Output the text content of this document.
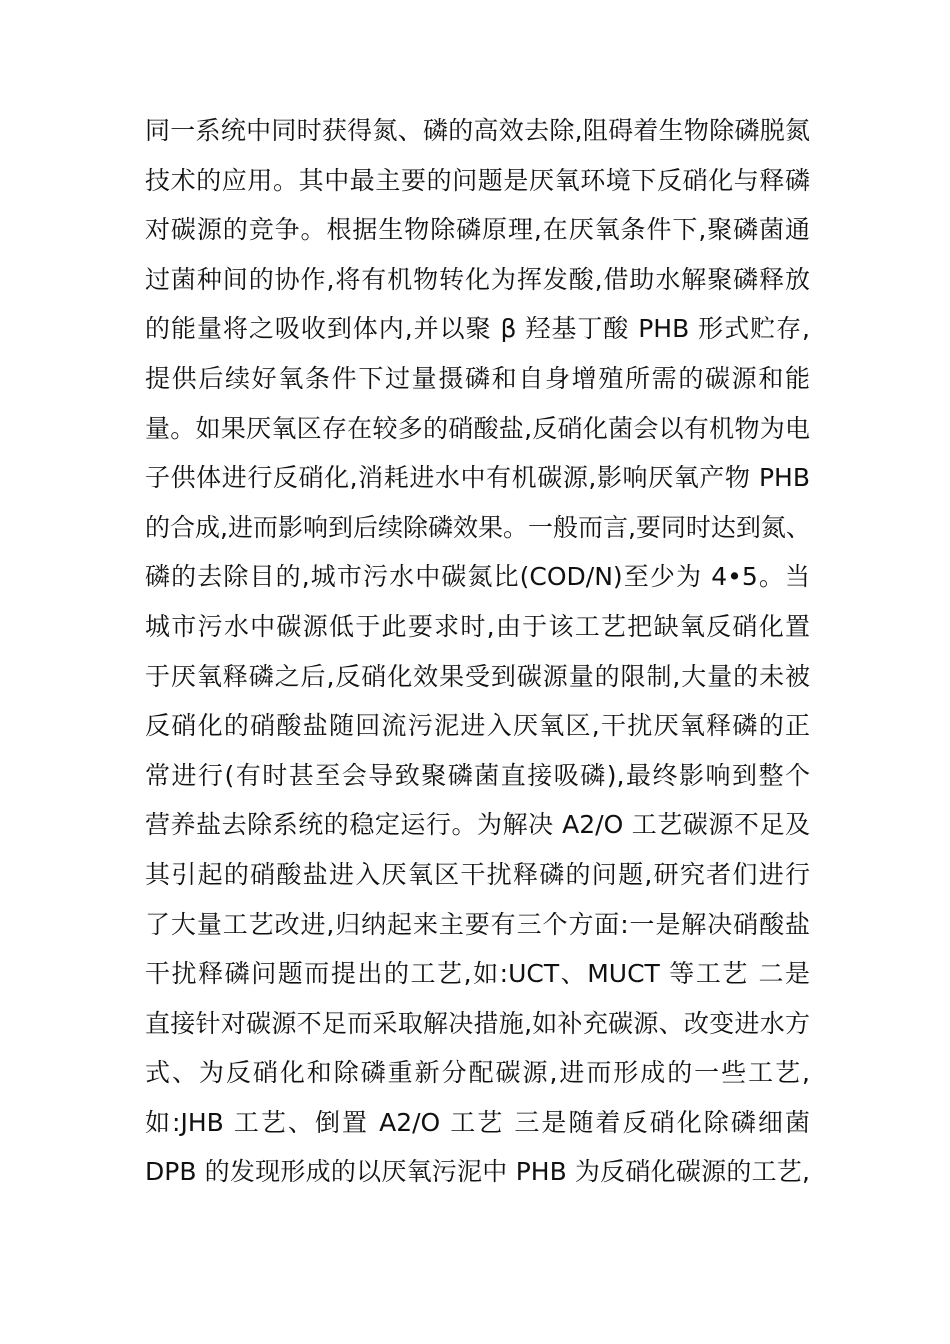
同一系统中同时获得氮、磷的高效去除,阻碍着生物除磷脱氮
技术的应用。其中最主要的问题是厌氧环境下反硝化与释磷
对碳源的竞争。根据生物除磷原理,在厌氧条件下,聚磷菌通
过菌种间的协作,将有机物转化为挥发酸,借助水解聚磷释放
的能量将之吸收到体内,并以聚 β 羟基丁酸 PHB 形式贮存,
提供后续好氧条件下过量摄磷和自身增殖所需的碳源和能
量。如果厌氧区存在较多的硝酸盐,反硝化菌会以有机物为电
子供体进行反硝化,消耗进水中有机碳源,影响厌氧产物 PHB
的合成,进而影响到后续除磷效果。一般而言,要同时达到氮、
磷的去除目的,城市污水中碳氮比(COD/N)至少为 4•5。当
城市污水中碳源低于此要求时,由于该工艺把缺氧反硝化置
于厌氧释磷之后,反硝化效果受到碳源量的限制,大量的未被
反硝化的硝酸盐随回流污泥进入厌氧区,干扰厌氧释磷的正
常进行(有时甚至会导致聚磷菌直接吸磷),最终影响到整个
营养盐去除系统的稳定运行。为解决 A2/O 工艺碳源不足及
其引起的硝酸盐进入厌氧区干扰释磷的问题,研究者们进行
了大量工艺改进,归纳起来主要有三个方面:一是解决硝酸盐
干扰释磷问题而提出的工艺,如:UCT、MUCT 等工艺 二是
直接针对碳源不足而采取解决措施,如补充碳源、改变进水方
式、为反硝化和除磷重新分配碳源,进而形成的一些工艺,
如:JHB 工艺、倒置 A2/O 工艺 三是随着反硝化除磷细菌
DPB 的发现形成的以厌氧污泥中 PHB 为反硝化碳源的工艺,
